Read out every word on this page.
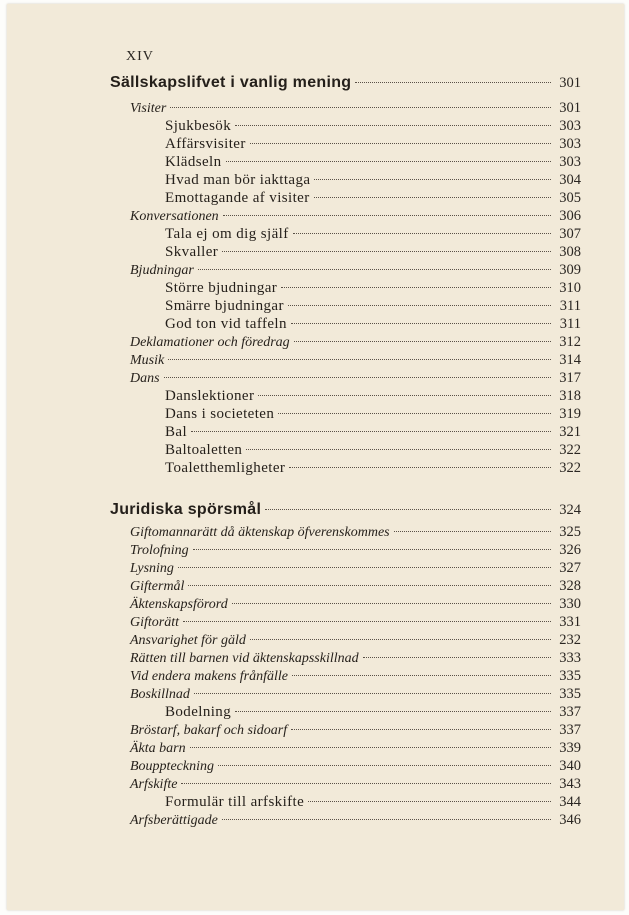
XIV
Sällskapslifvet i vanlig mening	301
Visiter	301
Sjukbesök	303
Affärsvisiter	303
Klädseln	303
Hvad man bör iakttaga	304
Emottagande af visiter	305
Konversationen	306
Tala ej om dig själf	307
Skvaller	308
Bjudningar	309
Större bjudningar	310
Smärre bjudningar	311
God ton vid taffeln	311
Deklamationer och föredrag	312
Musik	314
Dans	317
Danslektioner	318
Dans i societeten	319
Bal	321
Baltoaletten	322
Toaletthemligheter	322
Juridiska spörsmål	324
Giftomannarätt då äktenskap öfverenskommes	325
Trolofning	326
Lysning	327
Giftermål	328
Äktenskapsförord	330
Giftorätt	331
Ansvarighet för gäld	232
Rätten till barnen vid äktenskapsskillnad	333
Vid endera makens frånfälle	335
Boskillnad	335
Bodelning	337
Bröstarf, bakarf och sidoarf	337
Äkta barn	339
Bouppteckning	340
Arfskifte	343
Formulär till arfskifte	344
Arfsberättigade	346
